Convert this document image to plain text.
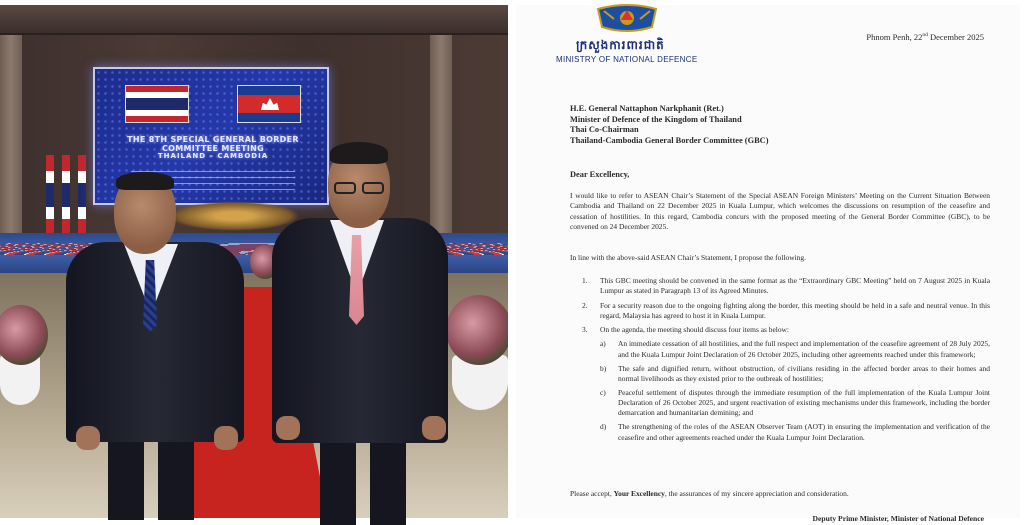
THE 8TH SPECIAL GENERAL BORDER COMMITTEE MEETING
THAILAND – CAMBODIA
ក្រសួងការពារជាតិ
MINISTRY OF NATIONAL DEFENCE
Phnom Penh, 22nd December 2025
H.E. General Nattaphon Narkphanit (Ret.)
Minister of Defence of the Kingdom of Thailand
Thai Co-Chairman
Thailand-Cambodia General Border Committee (GBC)
Dear Excellency,
I would like to refer to ASEAN Chair’s Statement of the Special ASEAN Foreign Ministers’ Meeting on the Current Situation Between Cambodia and Thailand on 22 December 2025 in Kuala Lumpur, which welcomes the discussions on resumption of the ceasefire and cessation of hostilities. In this regard, Cambodia concurs with the proposed meeting of the General Border Committee (GBC), to be convened on 24 December 2025.
In line with the above-said ASEAN Chair’s Statement, I propose the following.
1. This GBC meeting should be convened in the same format as the “Extraordinary GBC Meeting” held on 7 August 2025 in Kuala Lumpur as stated in Paragraph 13 of its Agreed Minutes.
2. For a security reason due to the ongoing fighting along the border, this meeting should be held in a safe and neutral venue. In this regard, Malaysia has agreed to host it in Kuala Lumpur.
3. On the agenda, the meeting should discuss four items as below:
a) An immediate cessation of all hostilities, and the full respect and implementation of the ceasefire agreement of 28 July 2025, and the Kuala Lumpur Joint Declaration of 26 October 2025, including other agreements reached under this framework;
b) The safe and dignified return, without obstruction, of civilians residing in the affected border areas to their homes and normal livelihoods as they existed prior to the outbreak of hostilities;
c) Peaceful settlement of disputes through the immediate resumption of the full implementation of the Kuala Lumpur Joint Declaration of 26 October 2025, and urgent reactivation of existing mechanisms under this framework, including the border demarcation and humanitarian demining; and
d) The strengthening of the roles of the ASEAN Observer Team (AOT) in ensuring the implementation and verification of the ceasefire and other agreements reached under the Kuala Lumpur Joint Declaration.
Please accept, Your Excellency, the assurances of my sincere appreciation and consideration.
Deputy Prime Minister, Minister of National Defence
